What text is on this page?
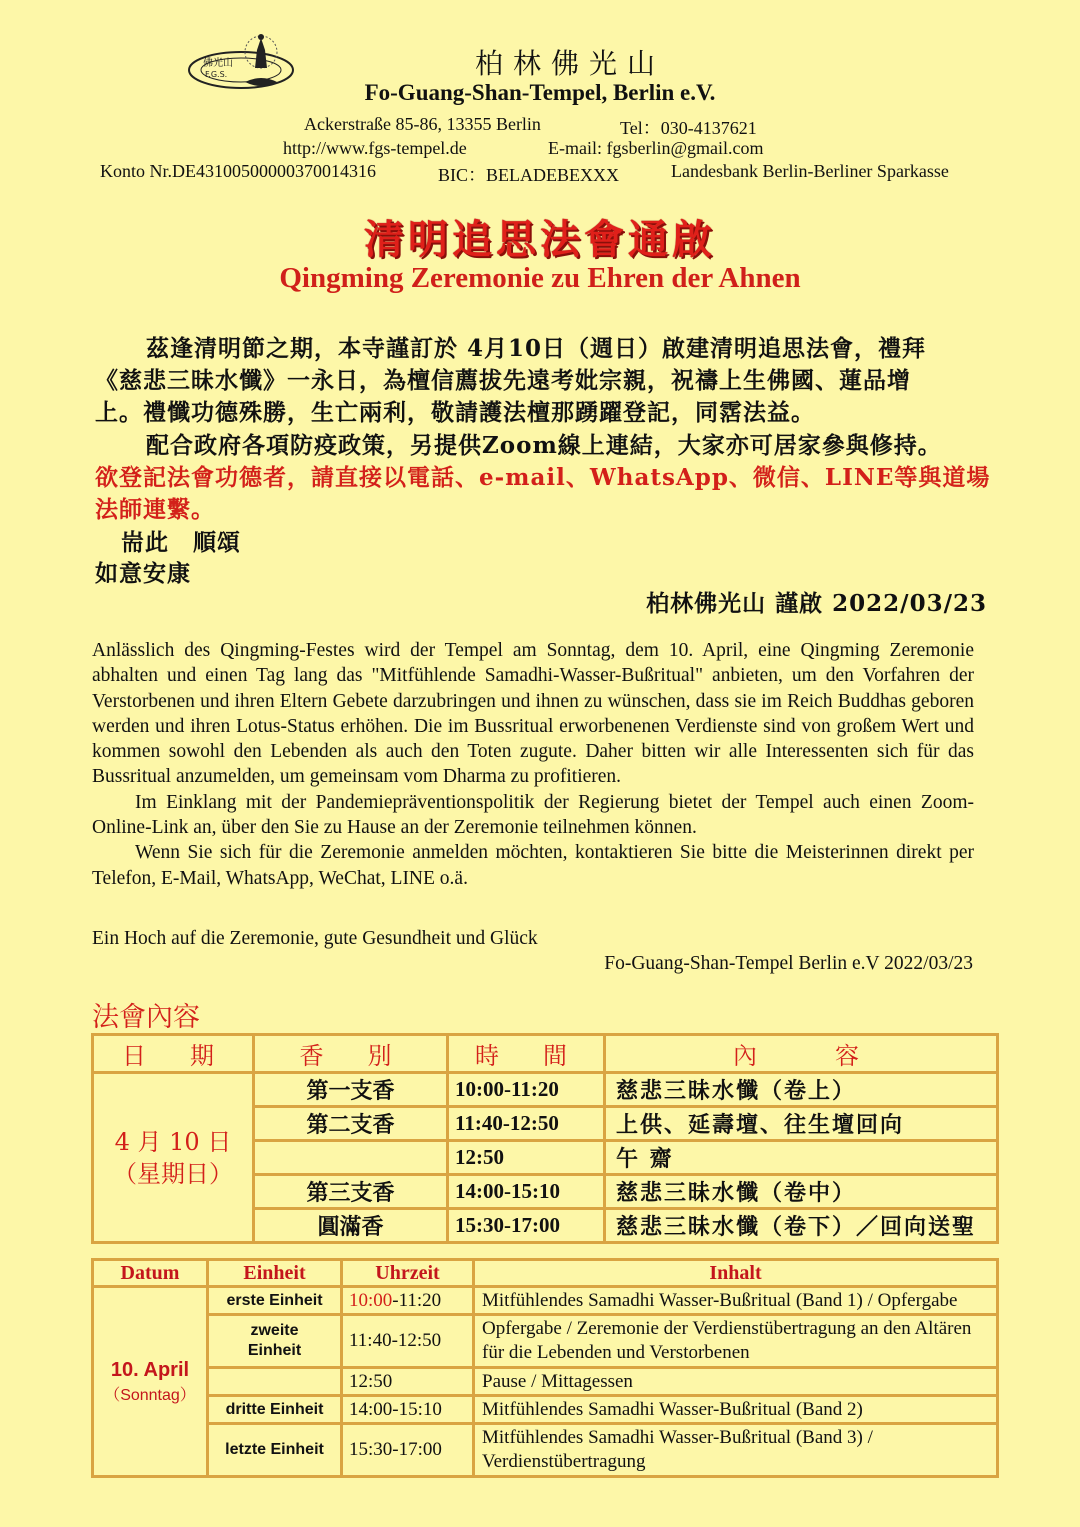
佛光山
F.G.S.	柏林佛光山
Fo-Guang-Shan-Tempel, Berlin e.V.
Ackerstraße 85-86, 13355 Berlin	Tel：030-4137621
http://www.fgs-tempel.de	E-mail: fgsberlin@gmail.com
Konto Nr.DE43100500000370014316	BIC：BELADEBEXXX	Landesbank Berlin-Berliner Sparkasse
清明追思法會通啟
Qingming Zeremonie zu Ehren der Ahnen
茲逢清明節之期，本寺謹訂於 4月10日（週日）啟建清明追思法會，禮拜
《慈悲三昧水懺》一永日，為檀信薦拔先遠考妣宗親，祝禱上生佛國、蓮品增
上。禮懺功德殊勝，生亡兩利，敬請護法檀那踴躍登記，同霑法益。
配合政府各項防疫政策，另提供Zoom線上連結，大家亦可居家參與修持。
欲登記法會功德者，請直接以電話、e-mail、WhatsApp、微信、LINE等與道場
法師連繫。
耑此　順頌
如意安康
柏林佛光山 謹啟 2022/03/23

Anlässlich des Qingming-Festes wird der Tempel am Sonntag, dem 10. April, eine Qingming Zeremonie abhalten und einen Tag lang das "Mitfühlende Samadhi-Wasser-Bußritual" anbieten, um den Vorfahren der Verstorbenen und ihren Eltern Gebete darzubringen und ihnen zu wünschen, dass sie im Reich Buddhas geboren werden und ihren Lotus-Status erhöhen. Die im Bussritual erworbenenen Verdienste sind von großem Wert und kommen sowohl den Lebenden als auch den Toten zugute. Daher bitten wir alle Interessenten sich für das Bussritual anzumelden, um gemeinsam vom Dharma zu profitieren.

Im Einklang mit der Pandemiepräventionspolitik der Regierung bietet der Tempel auch einen Zoom-Online-Link an, über den Sie zu Hause an der Zeremonie teilnehmen können.

Wenn Sie sich für die Zeremonie anmelden möchten, kontaktieren Sie bitte die Meisterinnen direkt per Telefon, E-Mail, WhatsApp, WeChat, LINE o.ä.

Ein Hoch auf die Zeremonie, gute Gesundheit und Glück
Fo-Guang-Shan-Tempel Berlin e.V 2022/03/23
法會內容
日　期	香　別	時　間	內　　容

4 月 10 日
（星期日）	第一支香	10:00-11:20	慈悲三昧水懺（卷上）
	第二支香	11:40-12:50	上供、延壽壇、往生壇回向
		12:50	午 齋
	第三支香	14:00-15:10	慈悲三昧水懺（卷中）
	圓滿香	15:30-17:00	慈悲三昧水懺（卷下）／回向送聖
Datum	Einheit	Uhrzeit	Inhalt

10. April
（Sonntag）	erste Einheit	10:00-11:20	Mitfühlendes Samadhi Wasser-Bußritual (Band 1) / Opfergabe
	zweite Einheit	11:40-12:50	Opfergabe / Zeremonie der Verdienstübertragung an den Altären für die Lebenden und Verstorbenen
		12:50	Pause / Mittagessen
	dritte Einheit	14:00-15:10	Mitfühlendes Samadhi Wasser-Bußritual (Band 2)
	letzte Einheit	15:30-17:00	Mitfühlendes Samadhi Wasser-Bußritual (Band 3) / Verdienstübertragung
